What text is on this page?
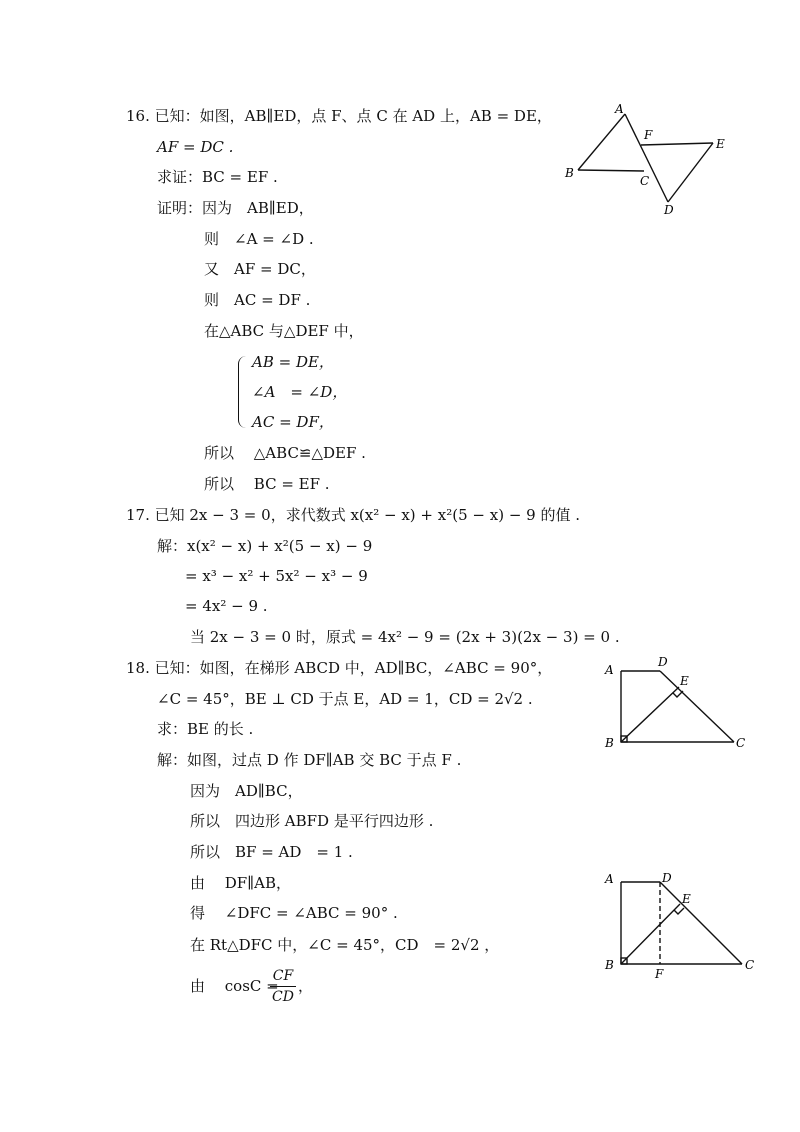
16. 已知：如图，AB∥ED，点 F、点 C 在 AD 上，AB = DE，
AF = DC .
求证：BC = EF .
证明：因为　AB∥ED，
则　∠A = ∠D .
又　AF = DC，
则　AC = DF .
在△ABC 与△DEF 中，
AB = DE，
∠A　= ∠D，
AC = DF，
所以　 △ABC≌△DEF .
所以　 BC = EF .
17. 已知 2x − 3 = 0，求代数式 x(x² − x) + x²(5 − x) − 9 的值 .
解：x(x² − x) + x²(5 − x) − 9
= x³ − x² + 5x² − x³ − 9
= 4x² − 9 .
当 2x − 3 = 0 时，原式 = 4x² − 9 = (2x + 3)(2x − 3) = 0 .
18. 已知：如图，在梯形 ABCD 中，AD∥BC，∠ABC = 90°，
∠C = 45°，BE ⊥ CD 于点 E，AD = 1，CD = 2√2 .
求：BE 的长 .
解：如图，过点 D 作 DF∥AB 交 BC 于点 F .
因为　AD∥BC，
所以　四边形 ABFD 是平行四边形 .
所以　BF = AD　= 1 .
由　 DF∥AB，
得　 ∠DFC = ∠ABC = 90° .
在 Rt△DFC 中，∠C = 45°，CD　= 2√2 ，
由　 cosC =
CF
CD
，
A
B
C
D
E
F
A
D
E
B	C
A	D
E
B	C
F
